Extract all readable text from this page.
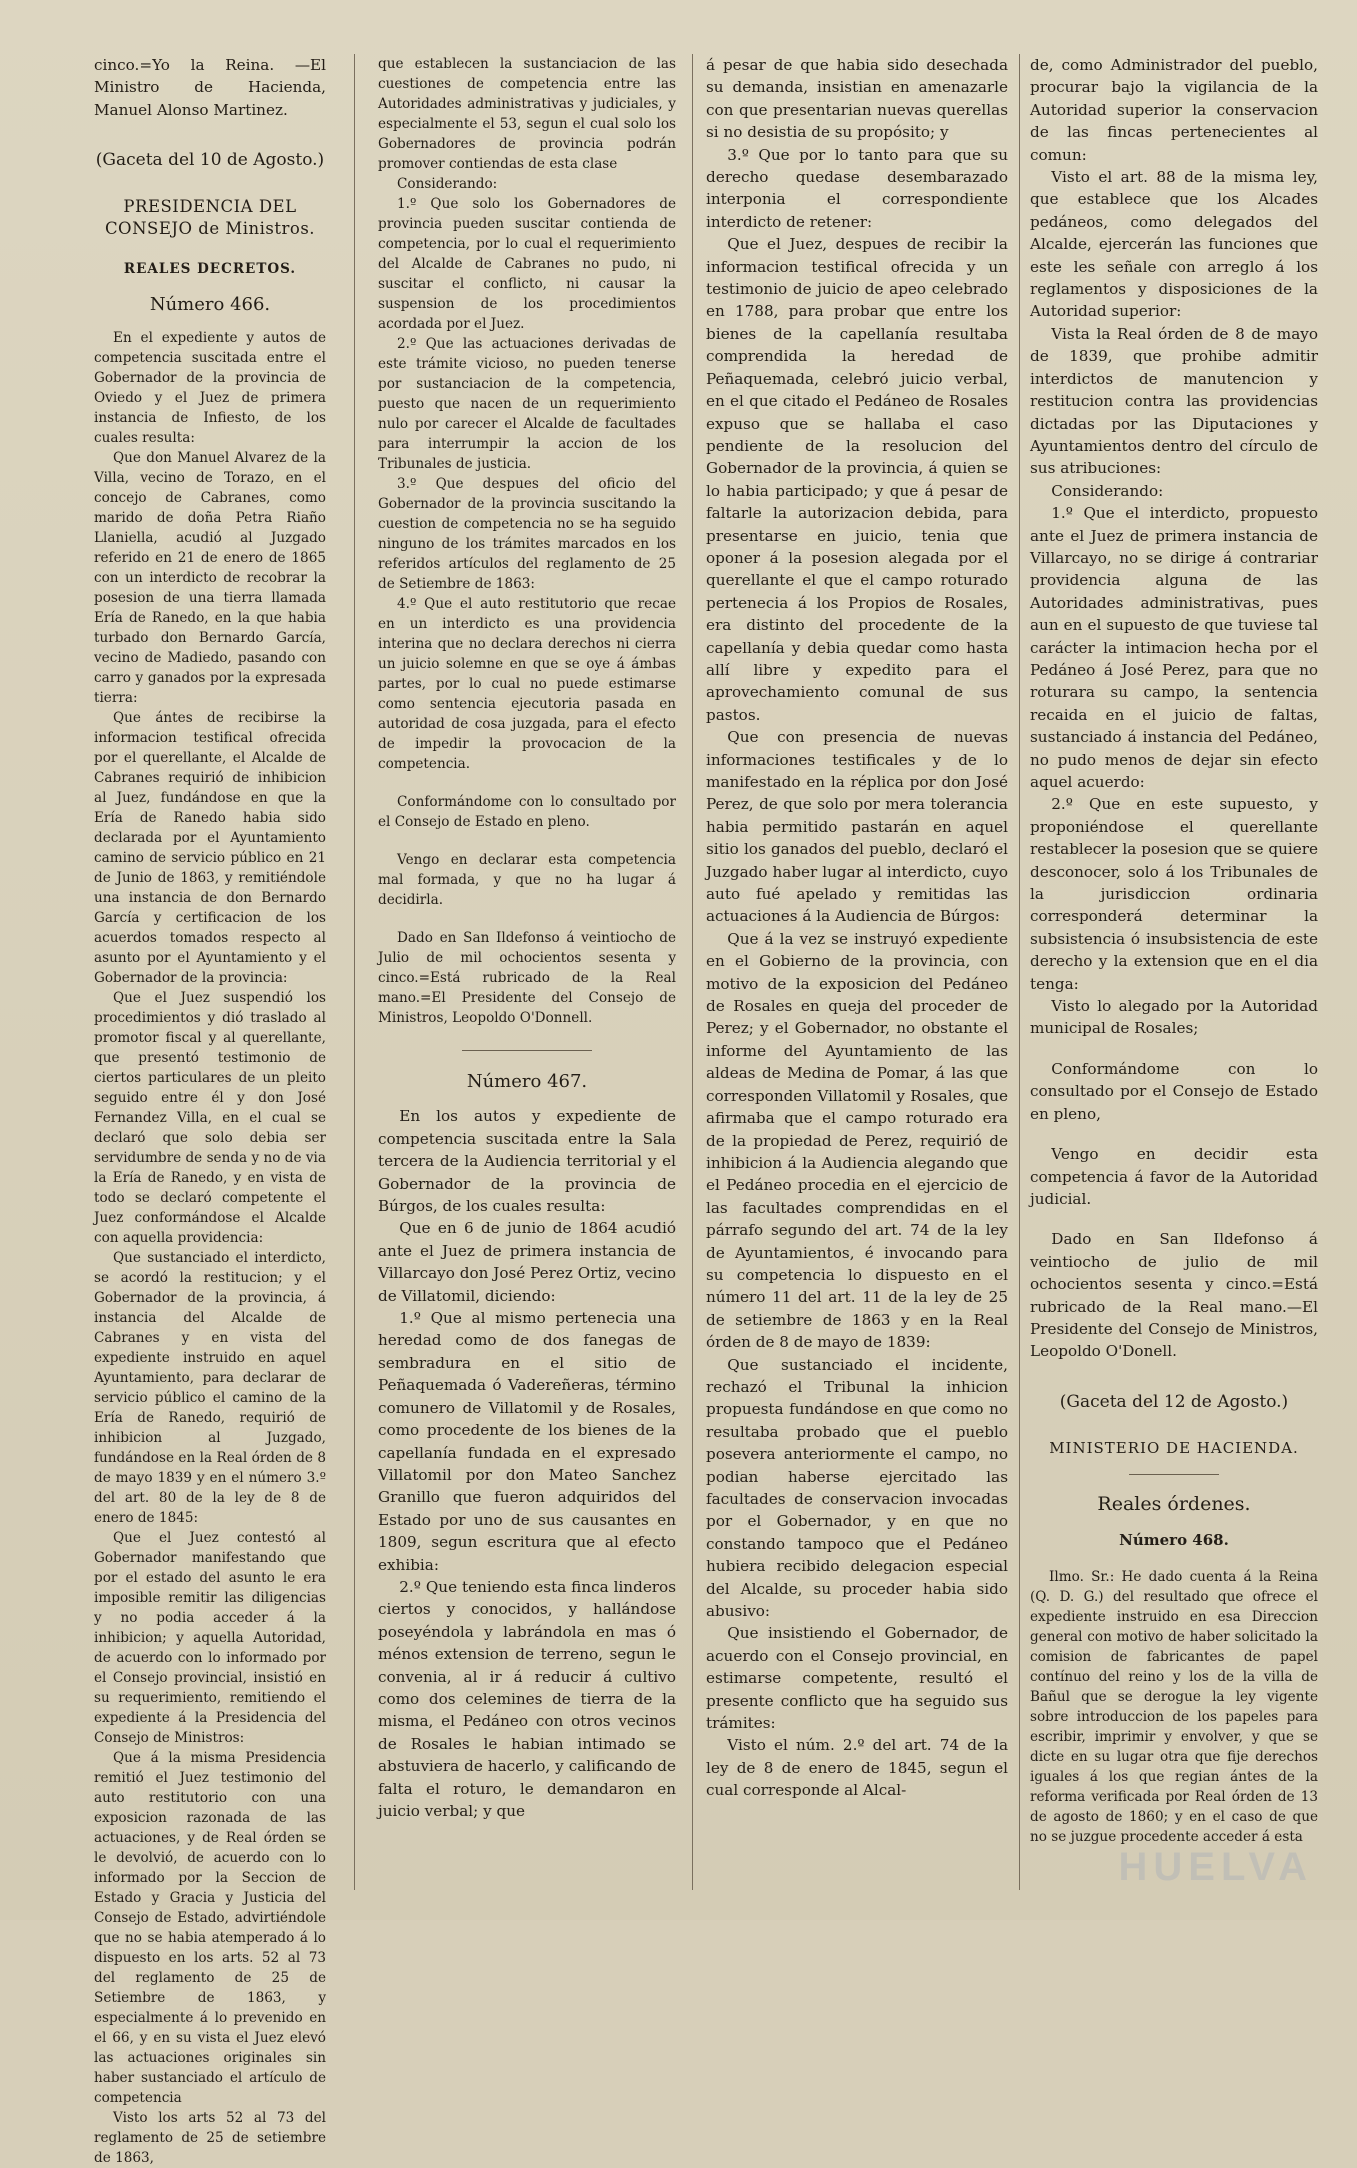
cinco.=Yo la Reina. —El Ministro de Hacienda, Manuel Alonso Martinez.

(Gaceta del 10 de Agosto.)
PRESIDENCIA DEL CONSEJO de Ministros.
REALES DECRETOS.
Número 466.

En el expediente y autos de competencia suscitada entre el Gobernador de la provincia de Oviedo y el Juez de primera instancia de Infiesto, de los cuales resulta:

Que don Manuel Alvarez de la Villa, vecino de Torazo, en el concejo de Cabranes, como marido de doña Petra Riaño Llaniella, acudió al Juzgado referido en 21 de enero de 1865 con un interdicto de recobrar la posesion de una tierra llamada Ería de Ranedo, en la que habia turbado don Bernardo García, vecino de Madiedo, pasando con carro y ganados por la expresada tierra:

Que ántes de recibirse la informacion testifical ofrecida por el querellante, el Alcalde de Cabranes requirió de inhibicion al Juez, fundándose en que la Ería de Ranedo habia sido declarada por el Ayuntamiento camino de servicio público en 21 de Junio de 1863, y remitiéndole una instancia de don Bernardo García y certificacion de los acuerdos tomados respecto al asunto por el Ayuntamiento y el Gobernador de la provincia:

Que el Juez suspendió los procedimientos y dió traslado al promotor fiscal y al querellante, que presentó testimonio de ciertos particulares de un pleito seguido entre él y don José Fernandez Villa, en el cual se declaró que solo debia ser servidumbre de senda y no de via la Ería de Ranedo, y en vista de todo se declaró competente el Juez conformándose el Alcalde con aquella providencia:

Que sustanciado el interdicto, se acordó la restitucion; y el Gobernador de la provincia, á instancia del Alcalde de Cabranes y en vista del expediente instruido en aquel Ayuntamiento, para declarar de servicio público el camino de la Ería de Ranedo, requirió de inhibicion al Juzgado, fundándose en la Real órden de 8 de mayo 1839 y en el número 3.º del art. 80 de la ley de 8 de enero de 1845:

Que el Juez contestó al Gobernador manifestando que por el estado del asunto le era imposible remitir las diligencias y no podia acceder á la inhibicion; y aquella Autoridad, de acuerdo con lo informado por el Consejo provincial, insistió en su requerimiento, remitiendo el expediente á la Presidencia del Consejo de Ministros:

Que á la misma Presidencia remitió el Juez testimonio del auto restitutorio con una exposicion razonada de las actuaciones, y de Real órden se le devolvió, de acuerdo con lo informado por la Seccion de Estado y Gracia y Justicia del Consejo de Estado, advirtiéndole que no se habia atemperado á lo dispuesto en los arts. 52 al 73 del reglamento de 25 de Setiembre de 1863, y especialmente á lo prevenido en el 66, y en su vista el Juez elevó las actuaciones originales sin haber sustanciado el artículo de competencia

Visto los arts 52 al 73 del reglamento de 25 de setiembre de 1863,

que establecen la sustanciacion de las cuestiones de competencia entre las Autoridades administrativas y judiciales, y especialmente el 53, segun el cual solo los Gobernadores de provincia podrán promover contiendas de esta clase

Considerando:

1.º Que solo los Gobernadores de provincia pueden suscitar contienda de competencia, por lo cual el requerimiento del Alcalde de Cabranes no pudo, ni suscitar el conflicto, ni causar la suspension de los procedimientos acordada por el Juez.

2.º Que las actuaciones derivadas de este trámite vicioso, no pueden tenerse por sustanciacion de la competencia, puesto que nacen de un requerimiento nulo por carecer el Alcalde de facultades para interrumpir la accion de los Tribunales de justicia.

3.º Que despues del oficio del Gobernador de la provincia suscitando la cuestion de competencia no se ha seguido ninguno de los trámites marcados en los referidos artículos del reglamento de 25 de Setiembre de 1863:

4.º Que el auto restitutorio que recae en un interdicto es una providencia interina que no declara derechos ni cierra un juicio solemne en que se oye á ámbas partes, por lo cual no puede estimarse como sentencia ejecutoria pasada en autoridad de cosa juzgada, para el efecto de impedir la provocacion de la competencia.

Conformándome con lo consultado por el Consejo de Estado en pleno.

Vengo en declarar esta competencia mal formada, y que no ha lugar á decidirla.

Dado en San Ildefonso á veintiocho de Julio de mil ochocientos sesenta y cinco.=Está rubricado de la Real mano.=El Presidente del Consejo de Ministros, Leopoldo O'Donnell.

Número 467.

En los autos y expediente de competencia suscitada entre la Sala tercera de la Audiencia territorial y el Gobernador de la provincia de Búrgos, de los cuales resulta:

Que en 6 de junio de 1864 acudió ante el Juez de primera instancia de Villarcayo don José Perez Ortiz, vecino de Villatomil, diciendo:

1.º Que al mismo pertenecia una heredad como de dos fanegas de sembradura en el sitio de Peñaquemada ó Vadereñeras, término comunero de Villatomil y de Rosales, como procedente de los bienes de la capellanía fundada en el expresado Villatomil por don Mateo Sanchez Granillo que fueron adquiridos del Estado por uno de sus causantes en 1809, segun escritura que al efecto exhibia:

2.º Que teniendo esta finca linderos ciertos y conocidos, y hallándose poseyéndola y labrándola en mas ó ménos extension de terreno, segun le convenia, al ir á reducir á cultivo como dos celemines de tierra de la misma, el Pedáneo con otros vecinos de Rosales le habian intimado se abstuviera de hacerlo, y calificando de falta el roturo, le demandaron en juicio verbal; y que

á pesar de que habia sido desechada su demanda, insistian en amenazarle con que presentarian nuevas querellas si no desistia de su propósito; y

3.º Que por lo tanto para que su derecho quedase desembarazado interponia el correspondiente interdicto de retener:

Que el Juez, despues de recibir la informacion testifical ofrecida y un testimonio de juicio de apeo celebrado en 1788, para probar que entre los bienes de la capellanía resultaba comprendida la heredad de Peñaquemada, celebró juicio verbal, en el que citado el Pedáneo de Rosales expuso que se hallaba el caso pendiente de la resolucion del Gobernador de la provincia, á quien se lo habia participado; y que á pesar de faltarle la autorizacion debida, para presentarse en juicio, tenia que oponer á la posesion alegada por el querellante el que el campo roturado pertenecia á los Propios de Rosales, era distinto del procedente de la capellanía y debia quedar como hasta allí libre y expedito para el aprovechamiento comunal de sus pastos.

Que con presencia de nuevas informaciones testificales y de lo manifestado en la réplica por don José Perez, de que solo por mera tolerancia habia permitido pastarán en aquel sitio los ganados del pueblo, declaró el Juzgado haber lugar al interdicto, cuyo auto fué apelado y remitidas las actuaciones á la Audiencia de Búrgos:

Que á la vez se instruyó expediente en el Gobierno de la provincia, con motivo de la exposicion del Pedáneo de Rosales en queja del proceder de Perez; y el Gobernador, no obstante el informe del Ayuntamiento de las aldeas de Medina de Pomar, á las que corresponden Villatomil y Rosales, que afirmaba que el campo roturado era de la propiedad de Perez, requirió de inhibicion á la Audiencia alegando que el Pedáneo procedia en el ejercicio de las facultades comprendidas en el párrafo segundo del art. 74 de la ley de Ayuntamientos, é invocando para su competencia lo dispuesto en el número 11 del art. 11 de la ley de 25 de setiembre de 1863 y en la Real órden de 8 de mayo de 1839:

Que sustanciado el incidente, rechazó el Tribunal la inhicion propuesta fundándose en que como no resultaba probado que el pueblo posevera anteriormente el campo, no podian haberse ejercitado las facultades de conservacion invocadas por el Gobernador, y en que no constando tampoco que el Pedáneo hubiera recibido delegacion especial del Alcalde, su proceder habia sido abusivo:

Que insistiendo el Gobernador, de acuerdo con el Consejo provincial, en estimarse competente, resultó el presente conflicto que ha seguido sus trámites:

Visto el núm. 2.º del art. 74 de la ley de 8 de enero de 1845, segun el cual corresponde al Alcal-

de, como Administrador del pueblo, procurar bajo la vigilancia de la Autoridad superior la conservacion de las fincas pertenecientes al comun:

Visto el art. 88 de la misma ley, que establece que los Alcades pedáneos, como delegados del Alcalde, ejercerán las funciones que este les señale con arreglo á los reglamentos y disposiciones de la Autoridad superior:

Vista la Real órden de 8 de mayo de 1839, que prohibe admitir interdictos de manutencion y restitucion contra las providencias dictadas por las Diputaciones y Ayuntamientos dentro del círculo de sus atribuciones:

Considerando:

1.º Que el interdicto, propuesto ante el Juez de primera instancia de Villarcayo, no se dirige á contrariar providencia alguna de las Autoridades administrativas, pues aun en el supuesto de que tuviese tal carácter la intimacion hecha por el Pedáneo á José Perez, para que no roturara su campo, la sentencia recaida en el juicio de faltas, sustanciado á instancia del Pedáneo, no pudo menos de dejar sin efecto aquel acuerdo:

2.º Que en este supuesto, y proponiéndose el querellante restablecer la posesion que se quiere desconocer, solo á los Tribunales de la jurisdiccion ordinaria corresponderá determinar la subsistencia ó insubsistencia de este derecho y la extension que en el dia tenga:

Visto lo alegado por la Autoridad municipal de Rosales;

Conformándome con lo consultado por el Consejo de Estado en pleno,

Vengo en decidir esta competencia á favor de la Autoridad judicial.

Dado en San Ildefonso á veintiocho de julio de mil ochocientos sesenta y cinco.=Está rubricado de la Real mano.—El Presidente del Consejo de Ministros, Leopoldo O'Donell.

(Gaceta del 12 de Agosto.)
MINISTERIO DE HACIENDA.
Reales órdenes.
Número 468.

Ilmo. Sr.: He dado cuenta á la Reina (Q. D. G.) del resultado que ofrece el expediente instruido en esa Direccion general con motivo de haber solicitado la comision de fabricantes de papel contínuo del reino y los de la villa de Bañul que se derogue la ley vigente sobre introduccion de los papeles para escribir, imprimir y envolver, y que se dicte en su lugar otra que fije derechos iguales á los que regian ántes de la reforma verificada por Real órden de 13 de agosto de 1860; y en el caso de que no se juzgue procedente acceder á esta

HUELVA
